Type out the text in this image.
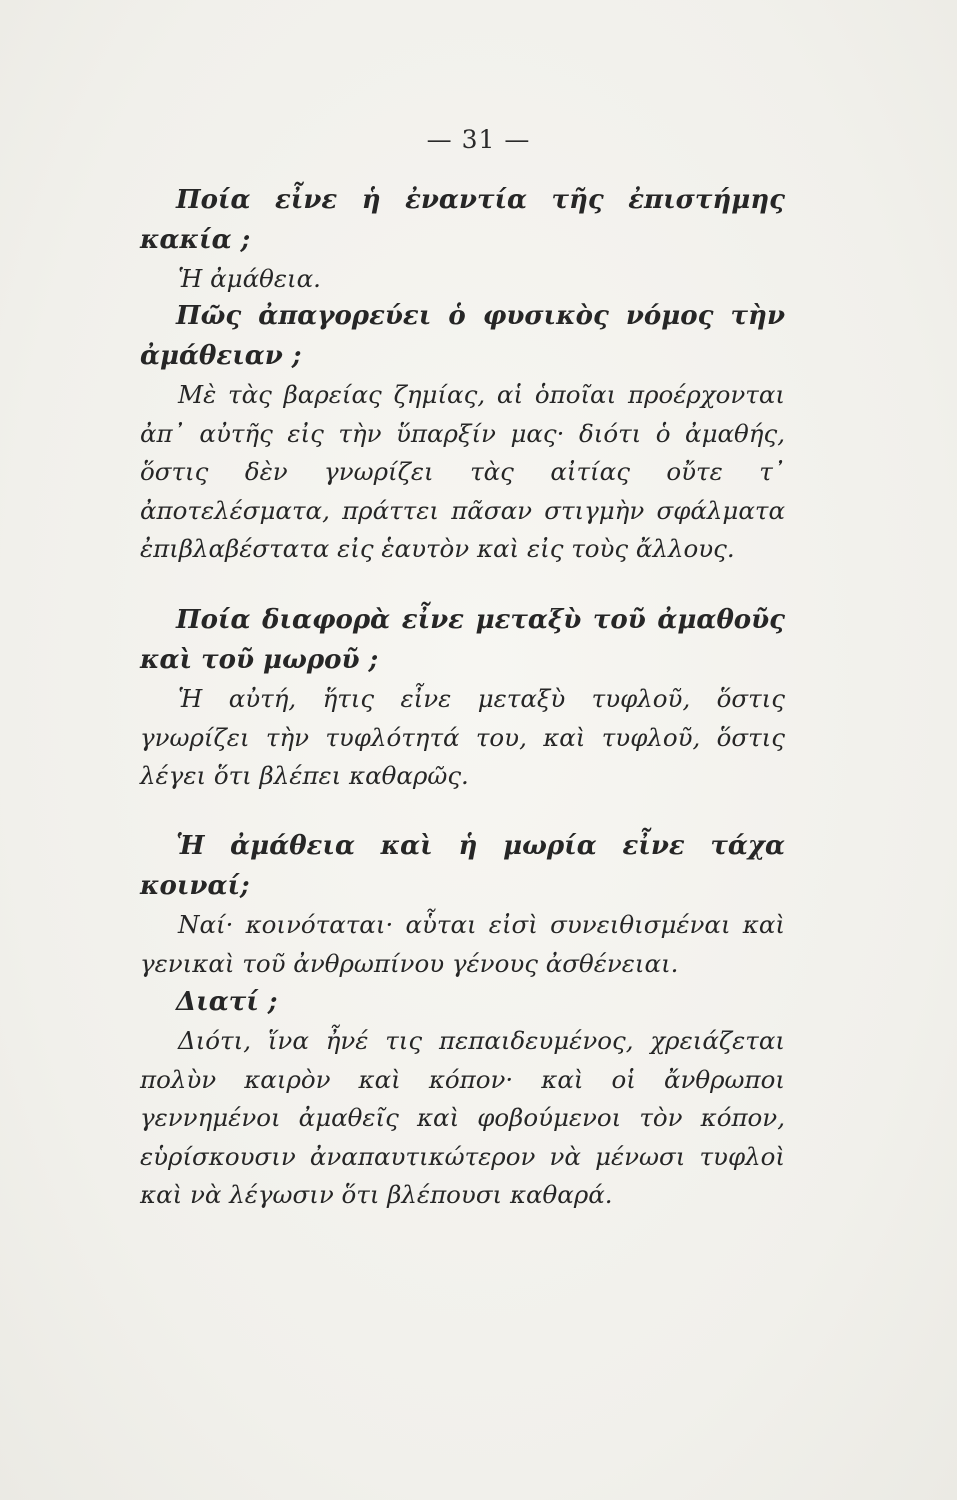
— 31 —

Ποία εἶνε ἡ ἐναντία τῆς ἐπιστήμης κακία ;

Ἡ ἀμάθεια.

Πῶς ἀπαγορεύει ὁ φυσικὸς νόμος τὴν ἀμάθειαν ;

Μὲ τὰς βαρείας ζημίας, αἱ ὁποῖαι προέρχονται ἀπ᾽ αὐτῆς εἰς τὴν ὕπαρξίν μας· διότι ὁ ἀμαθής, ὅστις δὲν γνωρίζει τὰς αἰτίας οὔτε τ᾽ ἀποτελέσματα, πράττει πᾶσαν στιγμὴν σφάλματα ἐπιβλαβέστατα εἰς ἑαυτὸν καὶ εἰς τοὺς ἄλλους.

Ποία διαφορὰ εἶνε μεταξὺ τοῦ ἀμαθοῦς καὶ τοῦ μωροῦ ;

Ἡ αὐτή, ἥτις εἶνε μεταξὺ τυφλοῦ, ὅστις γνωρίζει τὴν τυφλότητά του, καὶ τυφλοῦ, ὅστις λέγει ὅτι βλέπει καθαρῶς.

Ἡ ἀμάθεια καὶ ἡ μωρία εἶνε τάχα κοιναί;

Ναί· κοινόταται· αὗται εἰσὶ συνειθισμέναι καὶ γενικαὶ τοῦ ἀνθρωπίνου γένους ἀσθένειαι.

Διατί ;

Διότι, ἵνα ἦνέ τις πεπαιδευμένος, χρειάζεται πολὺν καιρὸν καὶ κόπον· καὶ οἱ ἄνθρωποι γεννημένοι ἀμαθεῖς καὶ φοβούμενοι τὸν κόπον, εὑρίσκουσιν ἀναπαυτικώτερον νὰ μένωσι τυφλοὶ καὶ νὰ λέγωσιν ὅτι βλέπουσι καθαρά.
